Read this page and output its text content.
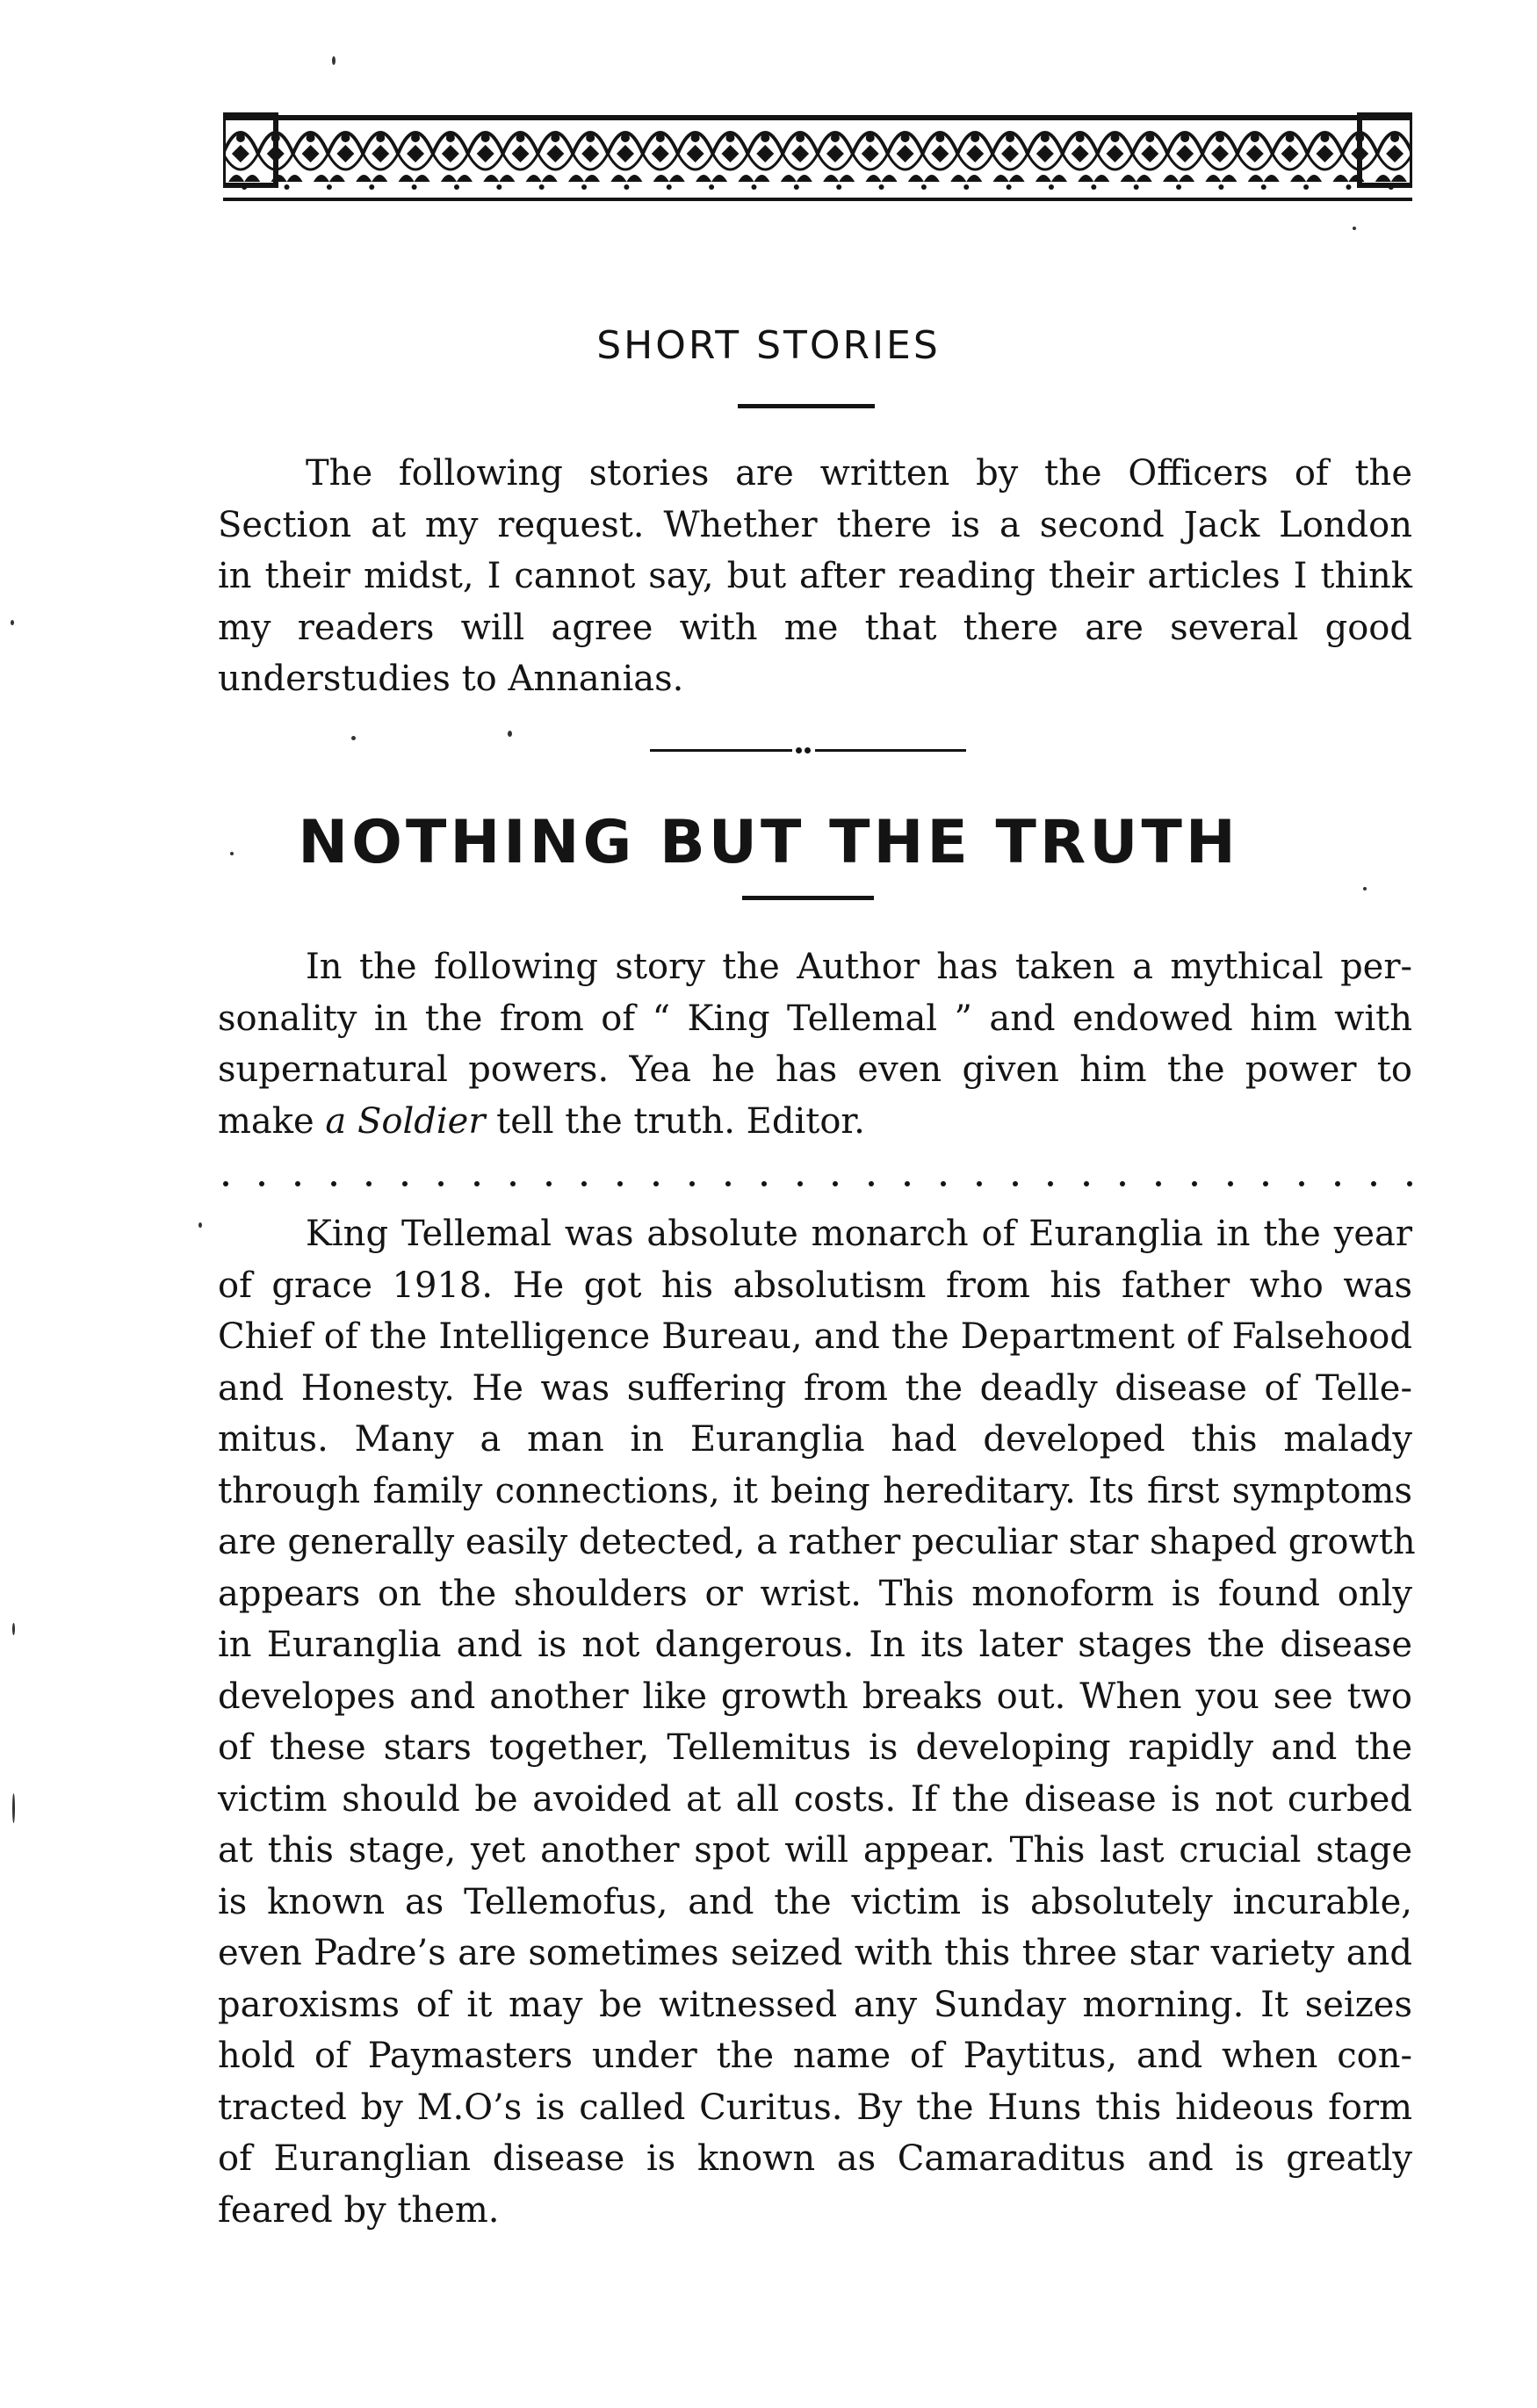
SHORT STORIES
The following stories are written by the Officers of the
Section at my request. Whether there is a second Jack London
in their midst, I cannot say, but after reading their articles I think
my readers will agree with me that there are several good
understudies to Annanias.
NOTHING BUT THE TRUTH
In the following story the Author has taken a mythical per-
sonality in the from of “ King Tellemal ” and endowed him with
supernatural powers. Yea he has even given him the power to
make a Soldier tell the truth. Editor.
King Tellemal was absolute monarch of Euranglia in the year
of grace 1918. He got his absolutism from his father who was
Chief of the Intelligence Bureau, and the Department of Falsehood
and Honesty. He was suffering from the deadly disease of Telle-
mitus. Many a man in Euranglia had developed this malady
through family connections, it being hereditary. Its first symptoms
are generally easily detected, a rather peculiar star shaped growth
appears on the shoulders or wrist. This monoform is found only
in Euranglia and is not dangerous. In its later stages the disease
developes and another like growth breaks out. When you see two
of these stars together, Tellemitus is developing rapidly and the
victim should be avoided at all costs. If the disease is not curbed
at this stage, yet another spot will appear. This last crucial stage
is known as Tellemofus, and the victim is absolutely incurable,
even Padre’s are sometimes seized with this three star variety and
paroxisms of it may be witnessed any Sunday morning. It seizes
hold of Paymasters under the name of Paytitus, and when con-
tracted by M.O’s is called Curitus. By the Huns this hideous form
of Euranglian disease is known as Camaraditus and is greatly
feared by them.
